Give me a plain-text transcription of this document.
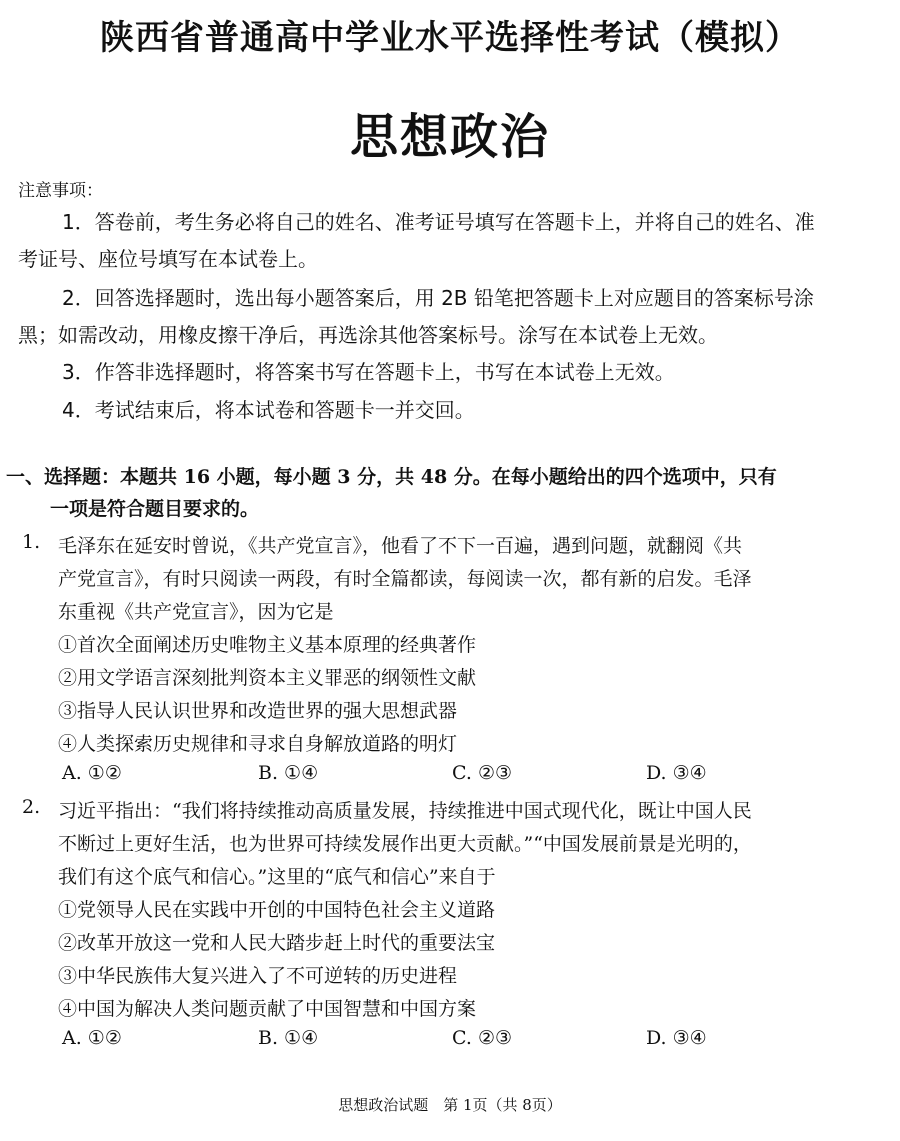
陕西省普通高中学业水平选择性考试（模拟）
思想政治
注意事项：
1．答卷前，考生务必将自己的姓名、准考证号填写在答题卡上，并将自己的姓名、准
考证号、座位号填写在本试卷上。
2．回答选择题时，选出每小题答案后，用 2B 铅笔把答题卡上对应题目的答案标号涂
黑；如需改动，用橡皮擦干净后，再选涂其他答案标号。涂写在本试卷上无效。
3．作答非选择题时，将答案书写在答题卡上，书写在本试卷上无效。
4．考试结束后，将本试卷和答题卡一并交回。
一、选择题：本题共 16 小题，每小题 3 分，共 48 分。在每小题给出的四个选项中，只有
一项是符合题目要求的。
1. 毛泽东在延安时曾说，《共产党宣言》，他看了不下一百遍，遇到问题，就翻阅《共
产党宣言》，有时只阅读一两段，有时全篇都读，每阅读一次，都有新的启发。毛泽
东重视《共产党宣言》，因为它是
①首次全面阐述历史唯物主义基本原理的经典著作
②用文学语言深刻批判资本主义罪恶的纲领性文献
③指导人民认识世界和改造世界的强大思想武器
④人类探索历史规律和寻求自身解放道路的明灯
A. ①②	B. ①④	C. ②③	D. ③④
2. 习近平指出：“我们将持续推动高质量发展，持续推进中国式现代化，既让中国人民
不断过上更好生活，也为世界可持续发展作出更大贡献。”“中国发展前景是光明的，
我们有这个底气和信心。”这里的“底气和信心”来自于
①党领导人民在实践中开创的中国特色社会主义道路
②改革开放这一党和人民大踏步赶上时代的重要法宝
③中华民族伟大复兴进入了不可逆转的历史进程
④中国为解决人类问题贡献了中国智慧和中国方案
A. ①②	B. ①④	C. ②③	D. ③④
思想政治试题　第 1页（共 8页）
